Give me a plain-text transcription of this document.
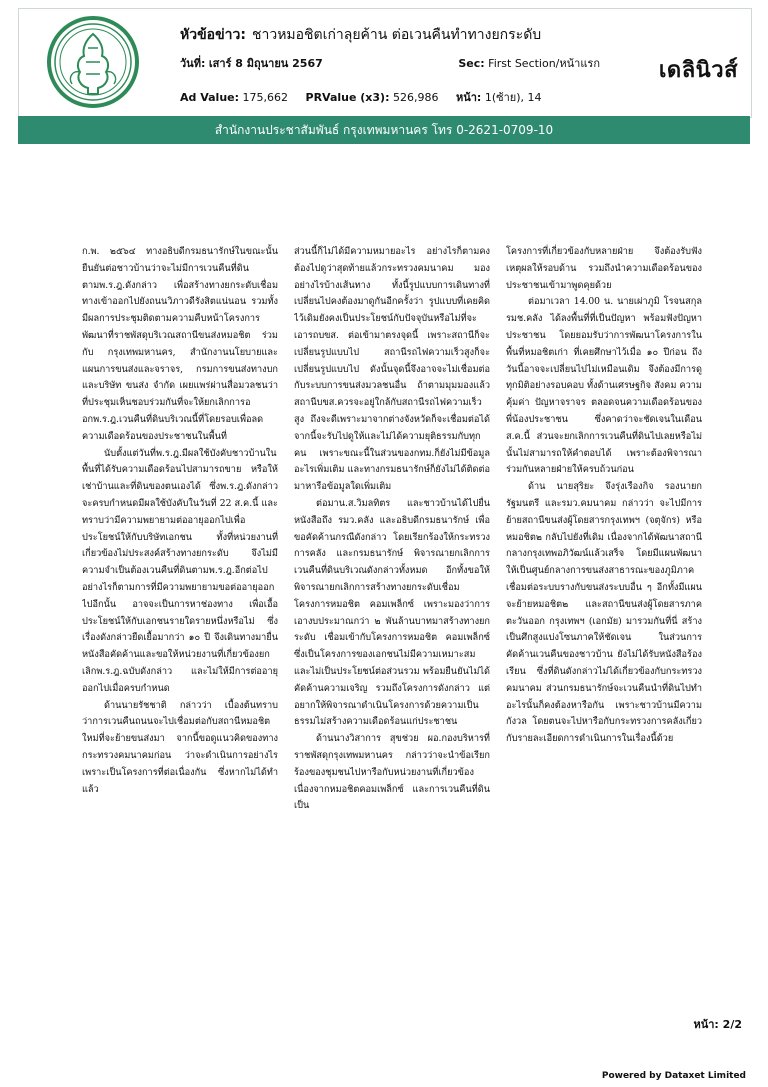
หัวข้อข่าว: ชาวหมอชิตเก่าลุยค้าน ต่อเวนคืนทำทางยกระดับ
วันที่: เสาร์ 8 มิถุนายน 2567	Sec: First Section/หน้าแรก
Ad Value: 175,662 PRValue (x3): 526,986 หน้า: 1(ซ้าย), 14
เดลินิวส์
สำนักงานประชาสัมพันธ์ กรุงเทพมหานคร โทร 0-2621-0709-10

ก.พ. ๒๕๖๔ ทางอธิบดีกรมธนารักษ์ในขณะนั้นยืนยันต่อชาวบ้านว่าจะไม่มีการเวนคืนที่ดินตามพ.ร.ฎ.ดังกล่าว เพื่อสร้างทางยกระดับเชื่อมทางเข้าออกไปยังถนนวิภาวดีรังสิตแน่นอน รวมทั้งมีผลการประชุมติดตามความคืบหน้าโครงการพัฒนาที่ราชพัสดุบริเวณสถานีขนส่งหมอชิต ร่วมกับ กรุงเทพมหานคร, สำนักงานนโยบายและแผนการขนส่งและจราจร, กรมการขนส่งทางบก และบริษัท ขนส่ง จำกัด เผยแพร่ผ่านสื่อมวลชนว่า ที่ประชุมเห็นชอบร่วมกันที่จะให้ยกเลิกการออกพ.ร.ฎ.เวนคืนที่ดินบริเวณนี้ที่โดยรอบเพื่อลดความเดือดร้อนของประชาชนในพื้นที่

นับตั้งแต่วันที่พ.ร.ฎ.มีผลใช้บังคับชาวบ้านในพื้นที่ได้รับความเดือดร้อนไปสามารถขาย หรือให้เช่าบ้านและที่ดินของตนเองได้ ซึ่งพ.ร.ฎ.ดังกล่าวจะครบกำหนดมีผลใช้บังคับในวันที่ 22 ส.ค.นี้ และทราบว่ามีความพยายามต่ออายุออกไปเพื่อประโยชน์ให้กับบริษัทเอกชน ทั้งที่หน่วยงานที่เกี่ยวข้องไม่ประสงค์สร้างทางยกระดับ จึงไม่มีความจำเป็นต้องเวนคืนที่ดินตามพ.ร.ฎ.อีกต่อไป อย่างไรก็ตามการที่มีความพยายามขอต่ออายุออกไปอีกนั้น อาจจะเป็นการหาช่องทาง เพื่อเอื้อประโยชน์ให้กับเอกชนรายใดรายหนึ่งหรือไม่ ซึ่งเรื่องดังกล่าวยืดเยื้อมากว่า ๑๐ ปี จึงเดินทางมายื่นหนังสือคัดค้านและขอให้หน่วยงานที่เกี่ยวข้องยกเลิกพ.ร.ฎ.ฉบับดังกล่าว และไม่ให้มีการต่ออายุออกไปเมื่อครบกำหนด

ด้านนายรัชชาติ กล่าวว่า เบื้องต้นทราบว่าการเวนคืนถนนจะไปเชื่อมต่อกับสถานีหมอชิตใหม่ที่จะย้ายขนส่งมา จากนี้ขอดูแนวคิดของทางกระทรวงคมนาคมก่อน ว่าจะดำเนินการอย่างไร เพราะเป็นโครงการที่ต่อเนื่องกัน ซึ่งหากไม่ได้ทำแล้ว

ส่วนนี้ก็ไม่ได้มีความหมายอะไร อย่างไรก็ตามคงต้องไปดูว่าสุดท้ายแล้วกระทรวงคมนาคม มองอย่างไรบ้างเส้นทาง ทั้งนี้รูปแบบการเดินทางที่เปลี่ยนไปคงต้องมาดูกันอีกครั้งว่า รูปแบบที่เคยคิดไว้เดิมยังคงเป็นประโยชน์กับปัจจุบันหรือไม่ที่จะเอารถบขส. ต่อเข้ามาตรงจุดนี้ เพราะสถานีก็จะเปลี่ยนรูปแบบไป สถานีรถไฟความเร็วสูงก็จะเปลี่ยนรูปแบบไป ดังนั้นจุดนี้จึงอาจจะไม่เชื่อมต่อกับระบบการขนส่งมวลชนอื่น ถ้าตามมุมมองแล้วสถานีบขส.ควรจะอยู่ใกล้กับสถานีรถไฟความเร็วสูง ถึงจะดีเพราะมาจากต่างจังหวัดก็จะเชื่อมต่อได้ จากนี้จะรับไปดูให้และไม่ได้ความยุติธรรมกับทุกคน เพราะขณะนี้ในส่วนของกทม.ก็ยังไม่มีข้อมูลอะไรเพิ่มเติม และทางกรมธนารักษ์ก็ยังไม่ได้ติดต่อมาหารือข้อมูลใดเพิ่มเติม

ต่อมาน.ส.วิมลทิตร และชาวบ้านได้ไปยื่นหนังสือถึง รมว.คลัง และอธิบดีกรมธนารักษ์ เพื่อขอคัดค้านกรณีดังกล่าว โดยเรียกร้องให้กระทรวงการคลัง และกรมธนารักษ์ พิจารณายกเลิกการเวนคืนที่ดินบริเวณดังกล่าวทั้งหมด อีกทั้งขอให้พิจารณายกเลิกการสร้างทางยกระดับเชื่อมโครงการหมอชิต คอมเพล็กซ์ เพราะมองว่าการเอางบประมาณกว่า ๒ พันล้านบาทมาสร้างทางยกระดับ เชื่อมเข้ากับโครงการหมอชิต คอมเพล็กซ์ ซึ่งเป็นโครงการของเอกชนไม่มีความเหมาะสม และไม่เป็นประโยชน์ต่อส่วนรวม พร้อมยืนยันไม่ได้คัดค้านความเจริญ รวมถึงโครงการดังกล่าว แต่อยากให้พิจารณาดำเนินโครงการด้วยความเป็นธรรมไม่สร้างความเดือดร้อนแก่ประชาชน

ด้านนางวิสาการ สุขช่วย ผอ.กองบริหารที่ราชพัสดุกรุงเทพมหานคร กล่าวว่าจะนำข้อเรียกร้องของชุมชนไปหารือกับหน่วยงานที่เกี่ยวข้อง เนื่องจากหมอชิตคอมเพล็กซ์ และการเวนคืนที่ดินเป็น

โครงการที่เกี่ยวข้องกับหลายฝ่าย จึงต้องรับฟังเหตุผลให้รอบด้าน รวมถึงนำความเดือดร้อนของประชาชนเข้ามาพูดคุยด้วย

ต่อมาเวลา 14.00 น. นายเผ่าภูมิ โรจนสกุล รมช.คลัง ได้ลงพื้นที่ที่เป็นปัญหา พร้อมฟังปัญหาประชาชน โดยยอมรับว่าการพัฒนาโครงการในพื้นที่หมอชิตเก่า ที่เคยศึกษาไว้เมื่อ ๑๐ ปีก่อน ถึงวันนี้อาจจะเปลี่ยนไปไม่เหมือนเดิม จึงต้องมีการดูทุกมิติอย่างรอบคอบ ทั้งด้านเศรษฐกิจ สังคม ความคุ้มค่า ปัญหาจราจร ตลอดจนความเดือดร้อนของพี่น้องประชาชน ซึ่งคาดว่าจะชัดเจนในเดือน ส.ค.นี้ ส่วนจะยกเลิกการเวนคืนที่ดินไปเลยหรือไม่นั้นไม่สามารถให้คำตอบได้ เพราะต้องพิจารณาร่วมกันหลายฝ่ายให้ครบถ้วนก่อน

ด้าน นายสุริยะ จึงรุ่งเรืองกิจ รองนายกรัฐมนตรี และรมว.คมนาคม กล่าวว่า จะไปมีการย้ายสถานีขนส่งผู้โดยสารกรุงเทพฯ (จตุจักร) หรือหมอชิต๒ กลับไปยังที่เดิม เนื่องจากได้พัฒนาสถานีกลางกรุงเทพอภิวัฒน์แล้วเสร็จ โดยมีแผนพัฒนาให้เป็นศูนย์กลางการขนส่งสาธารณะของภูมิภาค เชื่อมต่อระบบรางกับขนส่งระบบอื่น ๆ อีกทั้งมีแผนจะย้ายหมอชิต๒ และสถานีขนส่งผู้โดยสารภาคตะวันออก กรุงเทพฯ (เอกมัย) มารวมกันที่นี่ สร้างเป็นศึกสูงแบ่งโซนภาคให้ชัดเจน ในส่วนการคัดค้านเวนคืนของชาวบ้าน ยังไม่ได้รับหนังสือร้องเรียน ซึ่งที่ดินดังกล่าวไม่ได้เกี่ยวข้องกับกระทรวงคมนาคม ส่วนกรมธนารักษ์จะเวนคืนนำที่ดินไปทำอะไรนั้นก็คงต้องหารือกัน เพราะชาวบ้านมีความกังวล โดยตนจะไปหารือกับกระทรวงการคลังเกี่ยวกับรายละเอียดการดำเนินการในเรื่องนี้ด้วย

หน้า: 2/2
Powered by Dataxet Limited
